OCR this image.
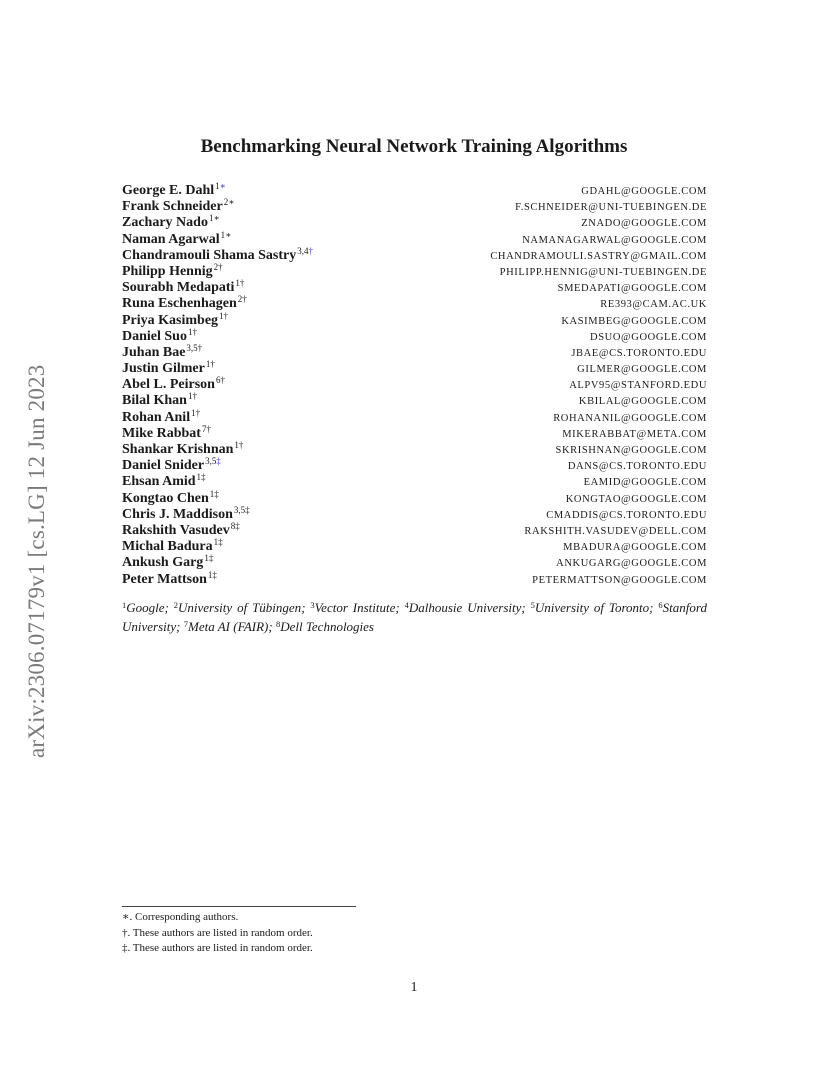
arXiv:2306.07179v1 [cs.LG] 12 Jun 2023
Benchmarking Neural Network Training Algorithms
George E. Dahl$^{1∗}$	GDAHL@GOOGLE.COM
Frank Schneider$^{2∗}$	F.SCHNEIDER@UNI-TUEBINGEN.DE
Zachary Nado$^{1∗}$	ZNADO@GOOGLE.COM
Naman Agarwal$^{1∗}$	NAMANAGARWAL@GOOGLE.COM
Chandramouli Shama Sastry$^{3,4\dagger}$	CHANDRAMOULI.SASTRY@GMAIL.COM
Philipp Hennig$^{2\dagger}$	PHILIPP.HENNIG@UNI-TUEBINGEN.DE
Sourabh Medapati$^{1\dagger}$	SMEDAPATI@GOOGLE.COM
Runa Eschenhagen$^{2\dagger}$	RE393@CAM.AC.UK
Priya Kasimbeg$^{1\dagger}$	KASIMBEG@GOOGLE.COM
Daniel Suo$^{1\dagger}$	DSUO@GOOGLE.COM
Juhan Bae$^{3,5\dagger}$	JBAE@CS.TORONTO.EDU
Justin Gilmer$^{1\dagger}$	GILMER@GOOGLE.COM
Abel L. Peirson$^{6\dagger}$	ALPV95@STANFORD.EDU
Bilal Khan$^{1\dagger}$	KBILAL@GOOGLE.COM
Rohan Anil$^{1\dagger}$	ROHANANIL@GOOGLE.COM
Mike Rabbat$^{7\dagger}$	MIKERABBAT@META.COM
Shankar Krishnan$^{1\dagger}$	SKRISHNAN@GOOGLE.COM
Daniel Snider$^{3,5\ddagger}$	DANS@CS.TORONTO.EDU
Ehsan Amid$^{1\ddagger}$	EAMID@GOOGLE.COM
Kongtao Chen$^{1\ddagger}$	KONGTAO@GOOGLE.COM
Chris J. Maddison$^{3,5\ddagger}$	CMADDIS@CS.TORONTO.EDU
Rakshith Vasudev$^{8\ddagger}$	RAKSHITH.VASUDEV@DELL.COM
Michal Badura$^{1\ddagger}$	MBADURA@GOOGLE.COM
Ankush Garg$^{1\ddagger}$	ANKUGARG@GOOGLE.COM
Peter Mattson$^{1\ddagger}$	PETERMATTSON@GOOGLE.COM
$^1$Google; $^2$University of Tübingen; $^3$Vector Institute; $^4$Dalhousie University; $^5$University of Toronto; $^6$Stanford University; $^7$Meta AI (FAIR); $^8$Dell Technologies
∗. Corresponding authors.
†. These authors are listed in random order.
‡. These authors are listed in random order.
1
